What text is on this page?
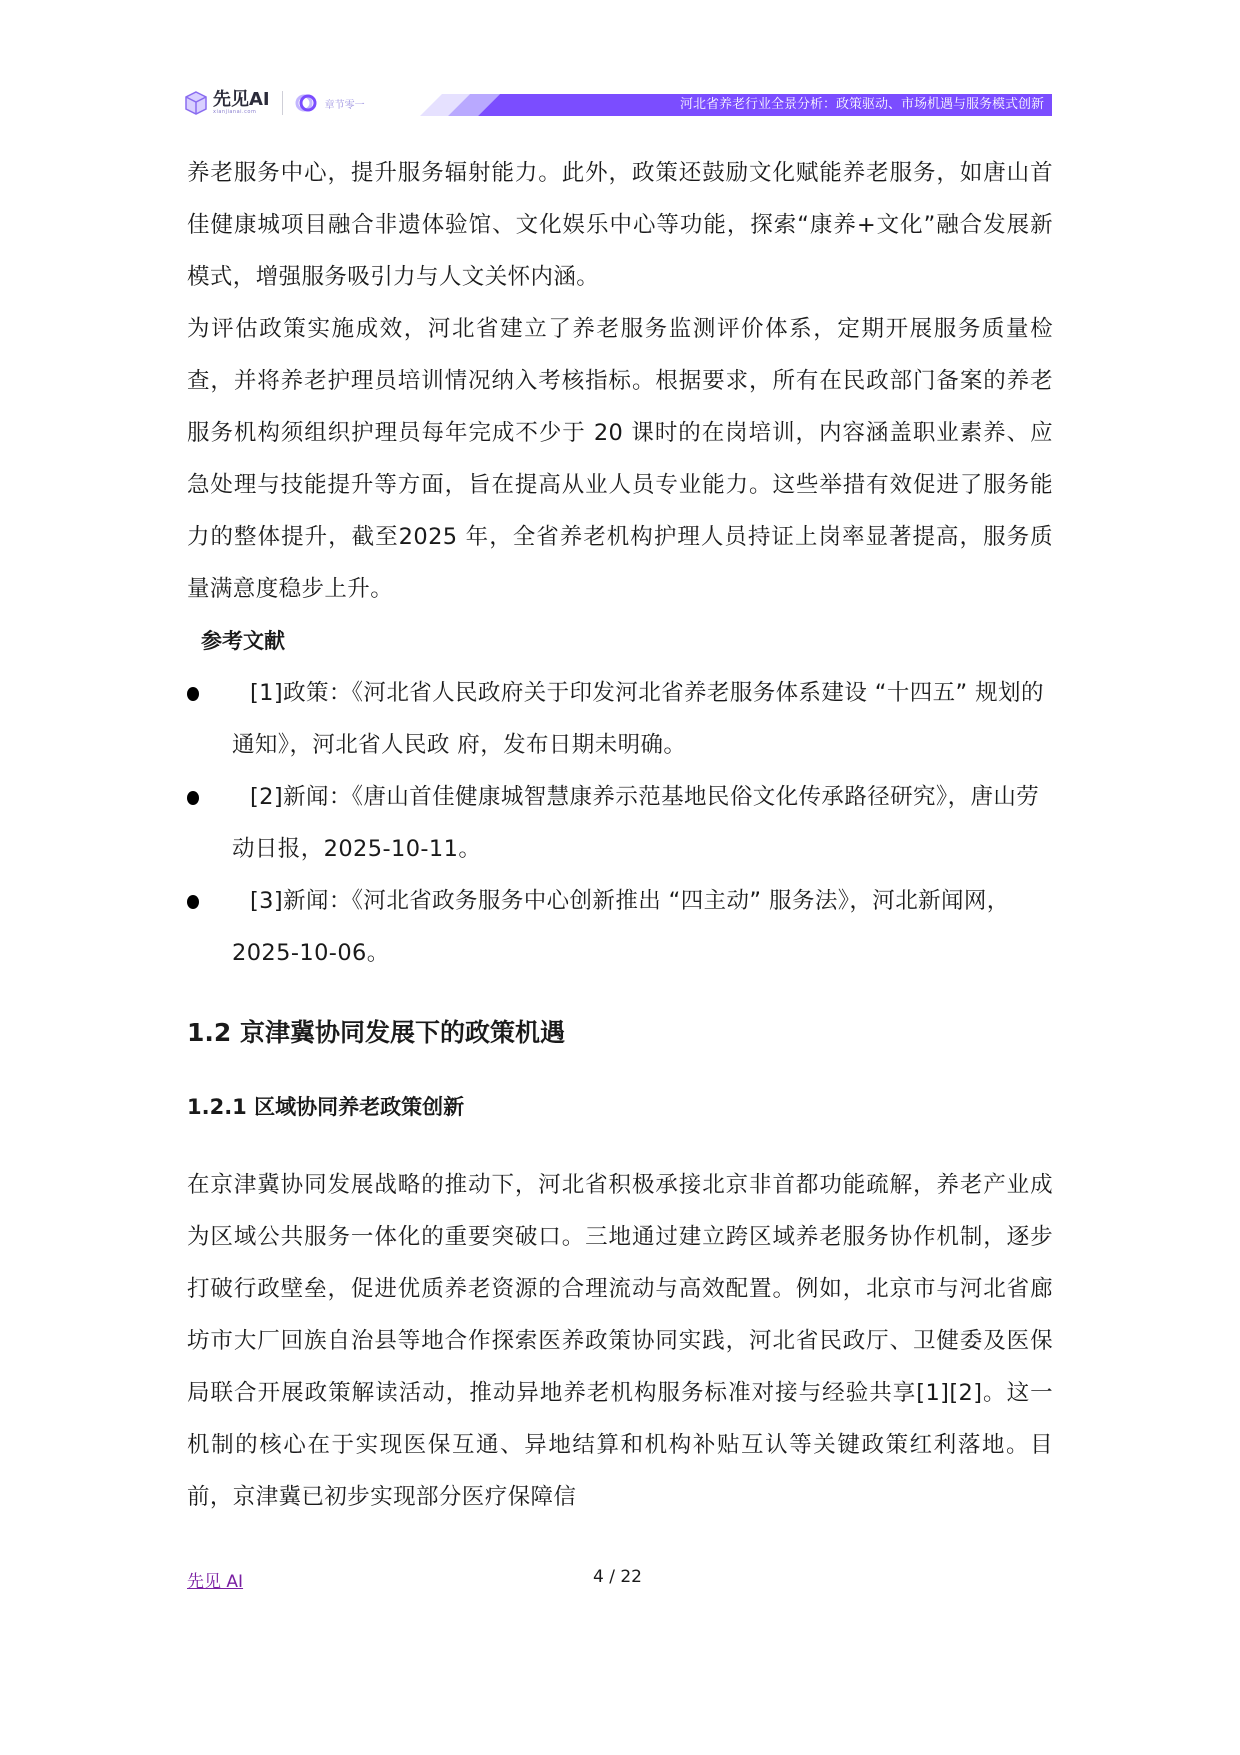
先见AI
xianjianai.com
章节零一	河北省养老行业全景分析：政策驱动、市场机遇与服务模式创新

养老服务中心，提升服务辐射能力。此外，政策还鼓励文化赋能养老服务，如唐山首佳健康城项目融合非遗体验馆、文化娱乐中心等功能，探索“康养+文化”融合发展新模式，增强服务吸引力与人文关怀内涵。

为评估政策实施成效，河北省建立了养老服务监测评价体系，定期开展服务质量检查，并将养老护理员培训情况纳入考核指标。根据要求，所有在民政部门备案的养老服务机构须组织护理员每年完成不少于 20 课时的在岗培训，内容涵盖职业素养、应急处理与技能提升等方面，旨在提高从业人员专业能力。这些举措有效促进了服务能力的整体提升，截至2025 年，全省养老机构护理人员持证上岗率显著提高，服务质量满意度稳步上升。

参考文献

[1]政策：《河北省人民政府关于印发河北省养老服务体系建设 “十四五” 规划的通知》，河北省人民政 府，发布日期未明确。
[2]新闻：《唐山首佳健康城智慧康养示范基地民俗文化传承路径研究》，唐山劳动日报，2025-10-11。
[3]新闻：《河北省政务服务中心创新推出 “四主动” 服务法》，河北新闻网，2025-10-06。
1.2 京津冀协同发展下的政策机遇
1.2.1 区域协同养老政策创新

在京津冀协同发展战略的推动下，河北省积极承接北京非首都功能疏解，养老产业成为区域公共服务一体化的重要突破口。三地通过建立跨区域养老服务协作机制，逐步打破行政壁垒，促进优质养老资源的合理流动与高效配置。例如，北京市与河北省廊坊市大厂回族自治县等地合作探索医养政策协同实践，河北省民政厅、卫健委及医保局联合开展政策解读活动，推动异地养老机构服务标准对接与经验共享[1][2]。这一机制的核心在于实现医保互通、异地结算和机构补贴互认等关键政策红利落地。目前，京津冀已初步实现部分医疗保障信

先见 AI	4 / 22
